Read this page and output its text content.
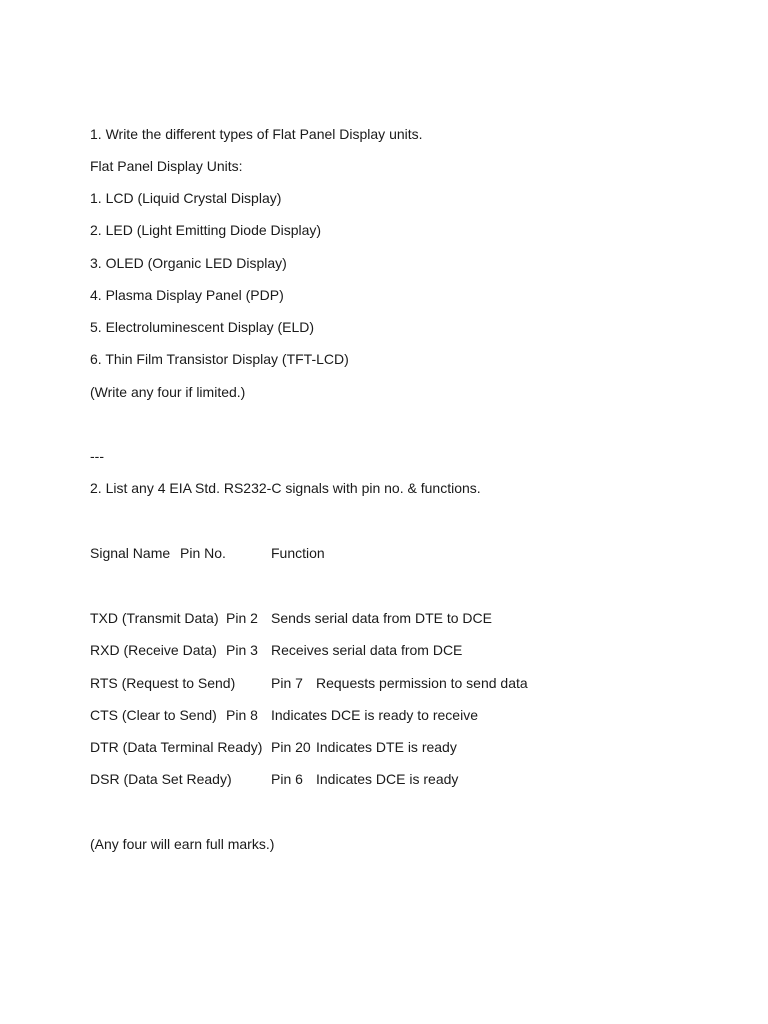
1. Write the different types of Flat Panel Display units.
Flat Panel Display Units:
1. LCD (Liquid Crystal Display)
2. LED (Light Emitting Diode Display)
3. OLED (Organic LED Display)
4. Plasma Display Panel (PDP)
5. Electroluminescent Display (ELD)
6. Thin Film Transistor Display (TFT-LCD)
(Write any four if limited.)
---
2. List any 4 EIA Std. RS232-C signals with pin no. & functions.
Signal Name Pin No.	Function
TXD (Transmit Data) Pin 2 Sends serial data from DTE to DCE
RXD (Receive Data) Pin 3 Receives serial data from DCE
RTS (Request to Send)	Pin 7 Requests permission to send data
CTS (Clear to Send) Pin 8 Indicates DCE is ready to receive
DTR (Data Terminal Ready) Pin 20 Indicates DTE is ready
DSR (Data Set Ready)	Pin 6 Indicates DCE is ready
(Any four will earn full marks.)
